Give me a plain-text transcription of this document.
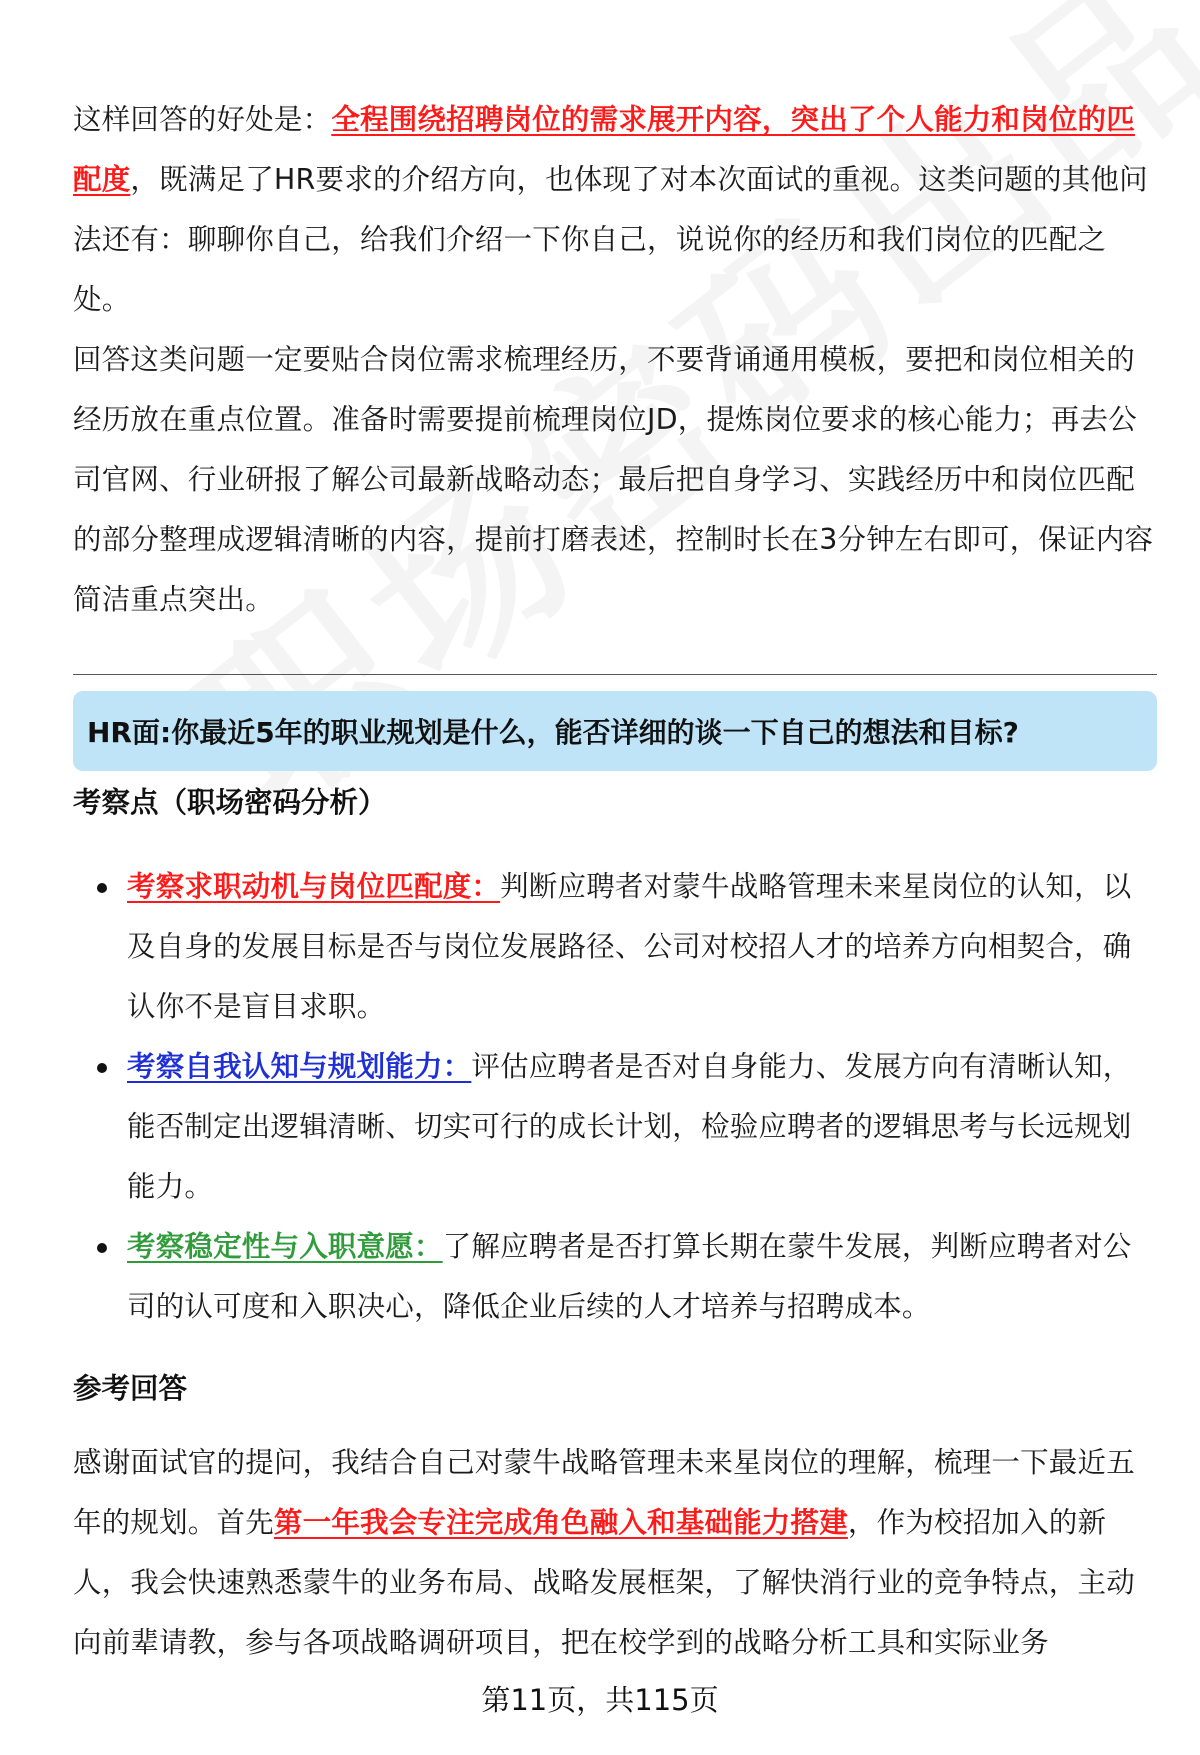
这样回答的好处是：全程围绕招聘岗位的需求展开内容，突出了个人能力和岗位的匹配度，既满足了HR要求的介绍方向，也体现了对本次面试的重视。这类问题的其他问法还有：聊聊你自己，给我们介绍一下你自己，说说你的经历和我们岗位的匹配之处。

回答这类问题一定要贴合岗位需求梳理经历，不要背诵通用模板，要把和岗位相关的经历放在重点位置。准备时需要提前梳理岗位JD，提炼岗位要求的核心能力；再去公司官网、行业研报了解公司最新战略动态；最后把自身学习、实践经历中和岗位匹配的部分整理成逻辑清晰的内容，提前打磨表述，控制时长在3分钟左右即可，保证内容简洁重点突出。

HR面:你最近5年的职业规划是什么，能否详细的谈一下自己的想法和目标?
考察点（职场密码分析）

考察求职动机与岗位匹配度：判断应聘者对蒙牛战略管理未来星岗位的认知，以及自身的发展目标是否与岗位发展路径、公司对校招人才的培养方向相契合，确认你不是盲目求职。

考察自我认知与规划能力：评估应聘者是否对自身能力、发展方向有清晰认知，能否制定出逻辑清晰、切实可行的成长计划，检验应聘者的逻辑思考与长远规划能力。

考察稳定性与入职意愿：了解应聘者是否打算长期在蒙牛发展，判断应聘者对公司的认可度和入职决心，降低企业后续的人才培养与招聘成本。

参考回答

感谢面试官的提问，我结合自己对蒙牛战略管理未来星岗位的理解，梳理一下最近五年的规划。首先第一年我会专注完成角色融入和基础能力搭建，作为校招加入的新人，我会快速熟悉蒙牛的业务布局、战略发展框架，了解快消行业的竞争特点，主动向前辈请教，参与各项战略调研项目，把在校学到的战略分析工具和实际业务

第11页，共115页
